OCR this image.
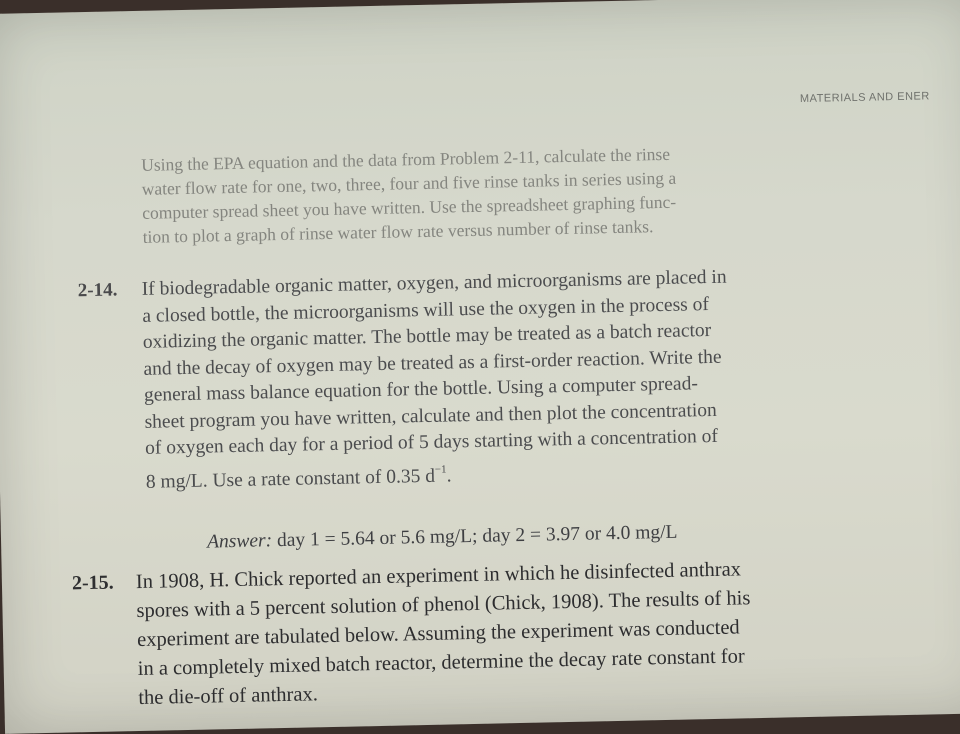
MATERIALS AND ENER

Using the EPA equation and the data from Problem 2-11, calculate the rinse

water flow rate for one, two, three, four and five rinse tanks in series using a

computer spread sheet you have written. Use the spreadsheet graphing func-

tion to plot a graph of rinse water flow rate versus number of rinse tanks.

2-14. If biodegradable organic matter, oxygen, and microorganisms are placed in

a closed bottle, the microorganisms will use the oxygen in the process of

oxidizing the organic matter. The bottle may be treated as a batch reactor

and the decay of oxygen may be treated as a first-order reaction. Write the

general mass balance equation for the bottle. Using a computer spread-

sheet program you have written, calculate and then plot the concentration

of oxygen each day for a period of 5 days starting with a concentration of

8 mg/L. Use a rate constant of 0.35 $d^{-1}$.

Answer: day 1 = 5.64 or 5.6 mg/L; day 2 = 3.97 or 4.0 mg/L

2-15. In 1908, H. Chick reported an experiment in which he disinfected anthrax

spores with a 5 percent solution of phenol (Chick, 1908). The results of his

experiment are tabulated below. Assuming the experiment was conducted

in a completely mixed batch reactor, determine the decay rate constant for

the die-off of anthrax.
